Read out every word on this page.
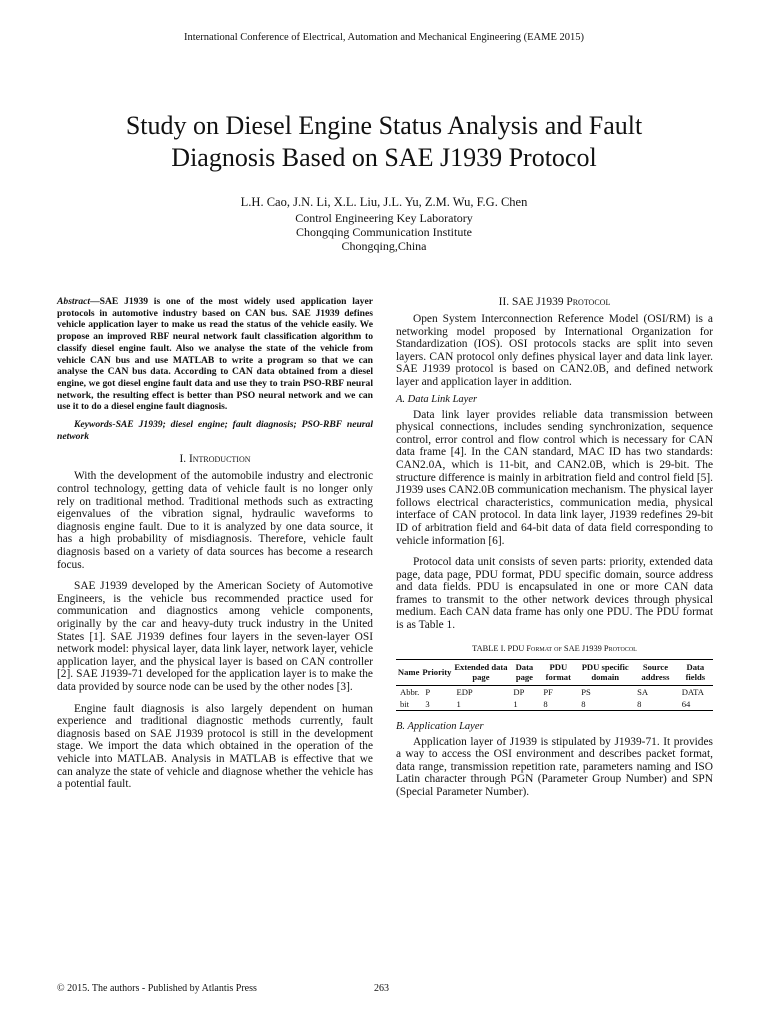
International Conference of Electrical, Automation and Mechanical Engineering (EAME 2015)
Study on Diesel Engine Status Analysis and Fault
Diagnosis Based on SAE J1939 Protocol
L.H. Cao, J.N. Li, X.L. Liu, J.L. Yu, Z.M. Wu, F.G. Chen
Control Engineering Key Laboratory
Chongqing Communication Institute
Chongqing,China

Abstract—SAE J1939 is one of the most widely used application layer protocols in automotive industry based on CAN bus. SAE J1939 defines vehicle application layer to make us read the status of the vehicle easily. We propose an improved RBF neural network fault classification algorithm to classify diesel engine fault. Also we analyse the state of the vehicle from vehicle CAN bus and use MATLAB to write a program so that we can analyse the CAN bus data. According to CAN data obtained from a diesel engine, we got diesel engine fault data and use they to train PSO-RBF neural network, the resulting effect is better than PSO neural network and we can use it to do a diesel engine fault diagnosis.

Keywords-SAE J1939; diesel engine; fault diagnosis; PSO-RBF neural network

I. Introduction

With the development of the automobile industry and electronic control technology, getting data of vehicle fault is no longer only rely on traditional method. Traditional methods such as extracting eigenvalues of the vibration signal, hydraulic waveforms to diagnosis engine fault. Due to it is analyzed by one data source, it has a high probability of misdiagnosis. Therefore, vehicle fault diagnosis based on a variety of data sources has become a research focus.

SAE J1939 developed by the American Society of Automotive Engineers, is the vehicle bus recommended practice used for communication and diagnostics among vehicle components, originally by the car and heavy-duty truck industry in the United States [1]. SAE J1939 defines four layers in the seven-layer OSI network model: physical layer, data link layer, network layer, vehicle application layer, and the physical layer is based on CAN controller [2]. SAE J1939-71 developed for the application layer is to make the data provided by source node can be used by the other nodes [3].

Engine fault diagnosis is also largely dependent on human experience and traditional diagnostic methods currently, fault diagnosis based on SAE J1939 protocol is still in the development stage. We import the data which obtained in the operation of the vehicle into MATLAB. Analysis in MATLAB is effective that we can analyze the state of vehicle and diagnose whether the vehicle has a potential fault.

II. SAE J1939 Protocol

Open System Interconnection Reference Model (OSI/RM) is a networking model proposed by International Organization for Standardization (IOS). OSI protocols stacks are split into seven layers. CAN protocol only defines physical layer and data link layer. SAE J1939 protocol is based on CAN2.0B, and defined network layer and application layer in addition.

A. Data Link Layer

Data link layer provides reliable data transmission between physical connections, includes sending synchronization, sequence control, error control and flow control which is necessary for CAN data frame [4]. In the CAN standard, MAC ID has two standards: CAN2.0A, which is 11-bit, and CAN2.0B, which is 29-bit. The structure difference is mainly in arbitration field and control field [5]. J1939 uses CAN2.0B communication mechanism. The physical layer follows electrical characteristics, communication media, physical interface of CAN protocol. In data link layer, J1939 redefines 29-bit ID of arbitration field and 64-bit data of data field corresponding to vehicle information [6].

Protocol data unit consists of seven parts: priority, extended data page, data page, PDU format, PDU specific domain, source address and data fields. PDU is encapsulated in one or more CAN data frames to transmit to the other network devices through physical medium. Each CAN data frame has only one PDU. The PDU format is as Table 1.

TABLE I. PDU Format of SAE J1939 Protocol
Name	Priority	Extended data page	Data page	PDU format	PDU specific domain	Source address	Data fields
Abbr.	P	EDP	DP	PF	PS	SA	DATA
bit	3	1	1	8	8	8	64
B. Application Layer

Application layer of J1939 is stipulated by J1939-71. It provides a way to access the OSI environment and describes packet format, data range, transmission repetition rate, parameters naming and ISO Latin character through PGN (Parameter Group Number) and SPN (Special Parameter Number).

© 2015. The authors - Published by Atlantis Press	263
